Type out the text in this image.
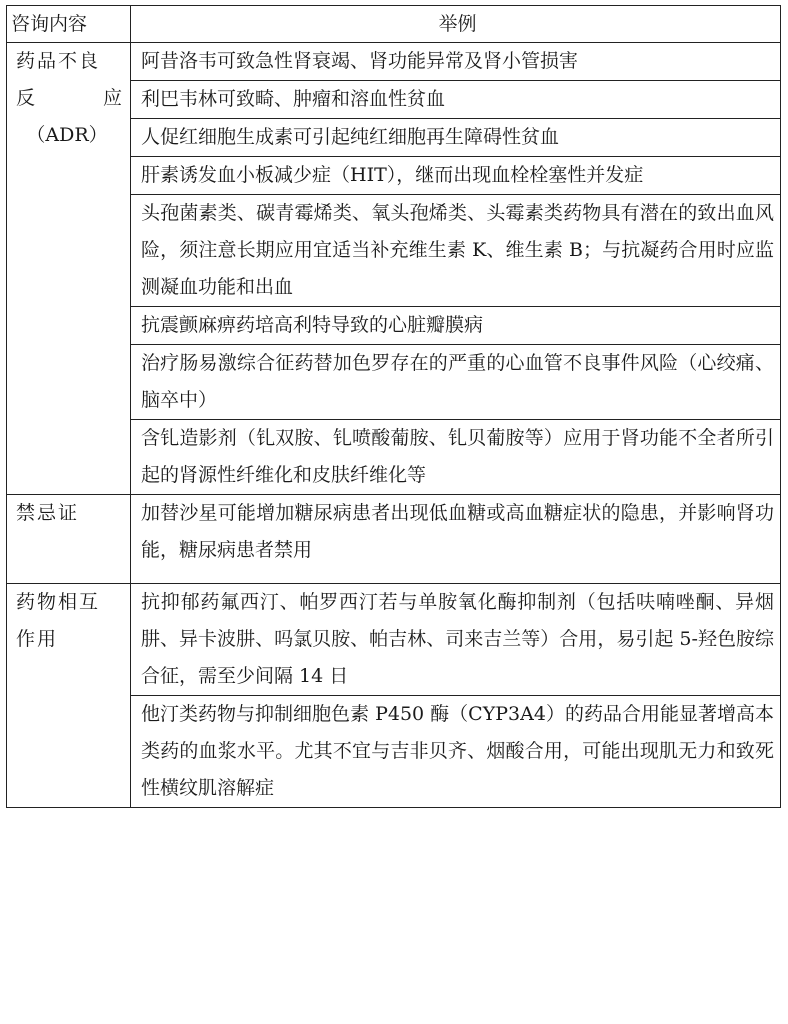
咨询内容	举例

药品不良
反 应
（ADR）	阿昔洛韦可致急性肾衰竭、肾功能异常及肾小管损害
	利巴韦林可致畸、肿瘤和溶血性贫血
	人促红细胞生成素可引起纯红细胞再生障碍性贫血
	肝素诱发血小板减少症（HIT），继而出现血栓栓塞性并发症
	头孢菌素类、碳青霉烯类、氧头孢烯类、头霉素类药物具有潜在的致出血风险，须注意长期应用宜适当补充维生素 K、维生素 B；与抗凝药合用时应监测凝血功能和出血
	抗震颤麻痹药培高利特导致的心脏瓣膜病
	治疗肠易激综合征药替加色罗存在的严重的心血管不良事件风险（心绞痛、脑卒中）
	含钆造影剂（钆双胺、钆喷酸葡胺、钆贝葡胺等）应用于肾功能不全者所引起的肾源性纤维化和皮肤纤维化等
禁忌证	加替沙星可能增加糖尿病患者出现低血糖或高血糖症状的隐患，并影响肾功能，糖尿病患者禁用

药物相互
作用	抗抑郁药氟西汀、帕罗西汀若与单胺氧化酶抑制剂（包括呋喃唑酮、异烟肼、异卡波肼、吗氯贝胺、帕吉林、司来吉兰等）合用，易引起 5-羟色胺综合征，需至少间隔 14 日
	他汀类药物与抑制细胞色素 P450 酶（CYP3A4）的药品合用能显著增高本类药的血浆水平。尤其不宜与吉非贝齐、烟酸合用，可能出现肌无力和致死性横纹肌溶解症
